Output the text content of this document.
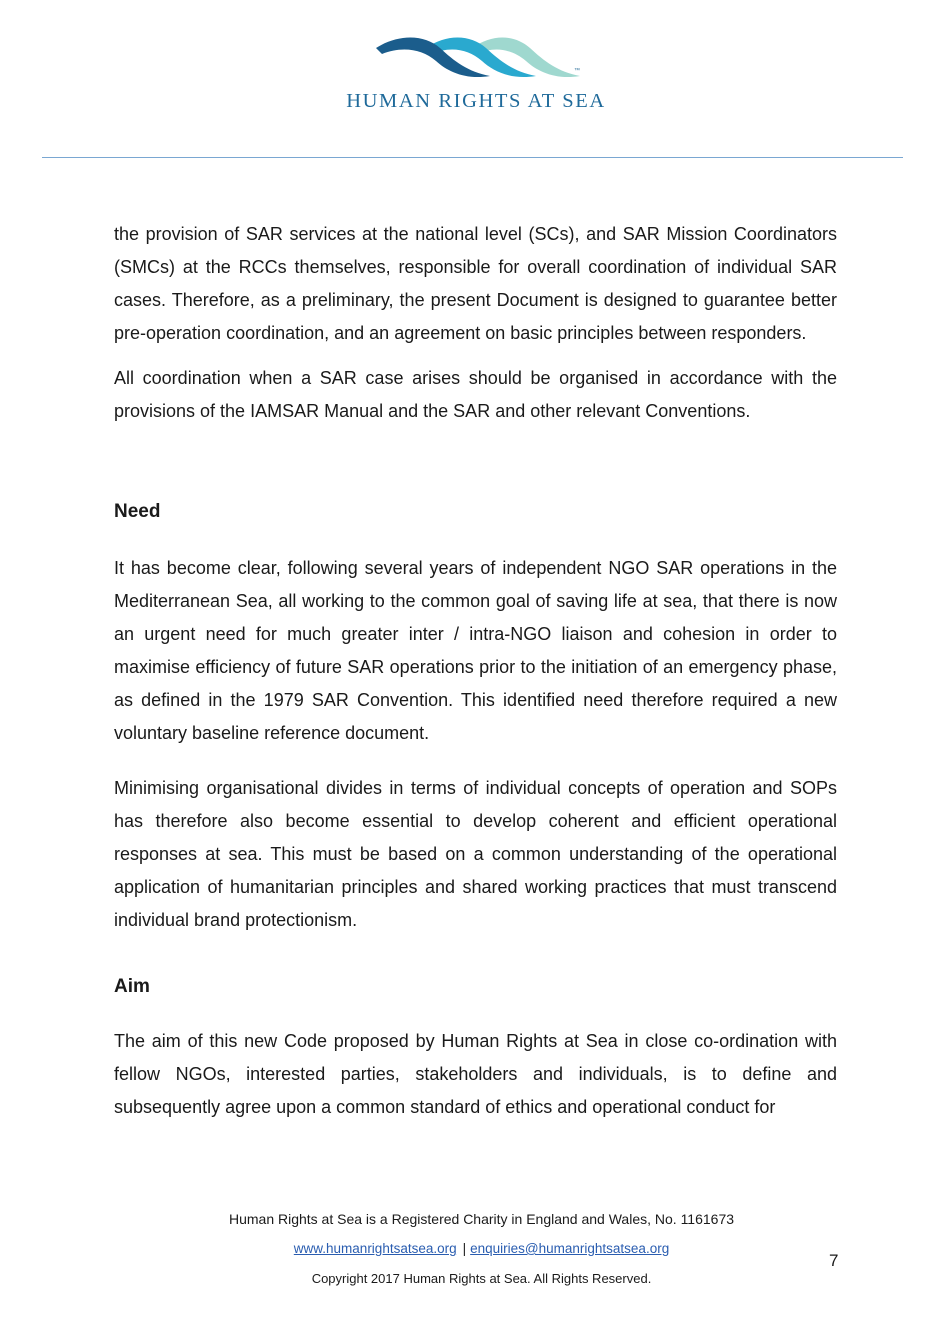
™
HUMAN RIGHTS AT SEA

the provision of SAR services at the national level (SCs), and SAR Mission Coordinators (SMCs) at the RCCs themselves, responsible for overall coordination of individual SAR cases. Therefore, as a preliminary, the present Document is designed to guarantee better pre-operation coordination, and an agreement on basic principles between responders.

All coordination when a SAR case arises should be organised in accordance with the provisions of the IAMSAR Manual and the SAR and other relevant Conventions.

Need

It has become clear, following several years of independent NGO SAR operations in the Mediterranean Sea, all working to the common goal of saving life at sea, that there is now an urgent need for much greater inter / intra-NGO liaison and cohesion in order to maximise efficiency of future SAR operations prior to the initiation of an emergency phase, as defined in the 1979 SAR Convention. This identified need therefore required a new voluntary baseline reference document.

Minimising organisational divides in terms of individual concepts of operation and SOPs has therefore also become essential to develop coherent and efficient operational responses at sea. This must be based on a common understanding of the operational application of humanitarian principles and shared working practices that must transcend individual brand protectionism.

Aim

The aim of this new Code proposed by Human Rights at Sea in close co-ordination with fellow NGOs, interested parties, stakeholders and individuals, is to define and subsequently agree upon a common standard of ethics and operational conduct for

Human Rights at Sea is a Registered Charity in England and Wales, No. 1161673
www.humanrightsatsea.org | enquiries@humanrightsatsea.org
Copyright 2017 Human Rights at Sea. All Rights Reserved.
7
